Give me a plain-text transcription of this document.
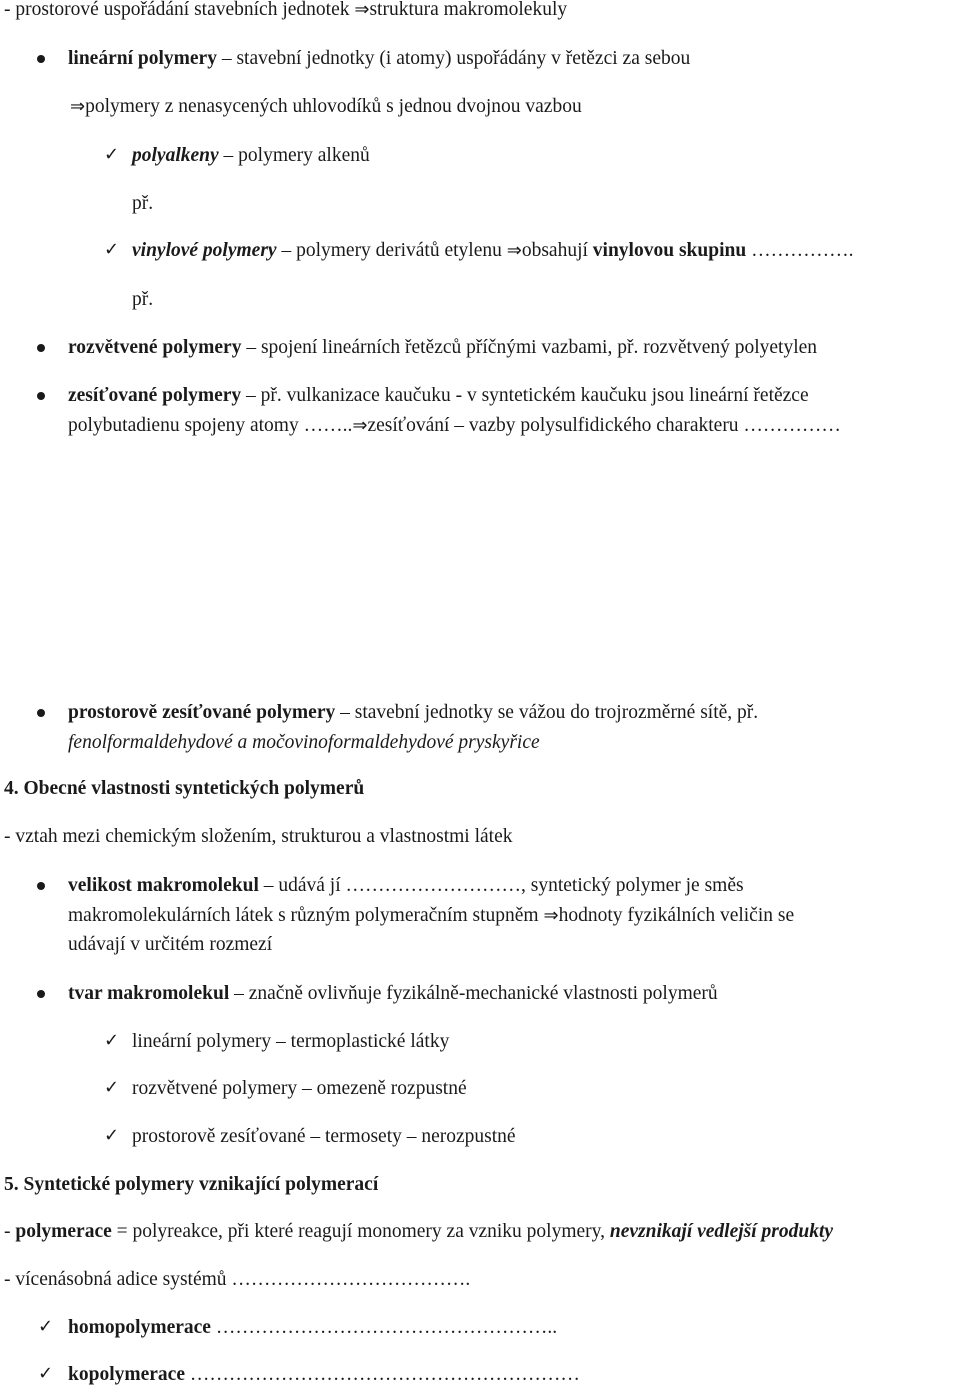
- prostorové uspořádání stavebních jednotek ⇒struktura makromolekuly
lineární polymery – stavební jednotky (i atomy) uspořádány v řetězci za sebou
⇒polymery z nenasycených uhlovodíků s jednou dvojnou vazbou
✓ polyalkeny – polymery alkenů
př.
✓ vinylové polymery – polymery derivátů etylenu ⇒obsahují vinylovou skupinu …………….
př.
rozvětvené polymery – spojení lineárních řetězců příčnými vazbami, př. rozvětvený polyetylen
zesíťované polymery – př. vulkanizace kaučuku - v syntetickém kaučuku jsou lineární řetězce
polybutadienu spojeny atomy ……..⇒zesíťování – vazby polysulfidického charakteru ……………
prostorově zesíťované polymery – stavební jednotky se vážou do trojrozměrné sítě, př.
fenolformaldehydové a močovinoformaldehydové pryskyřice
4. Obecné vlastnosti syntetických polymerů
- vztah mezi chemickým složením, strukturou a vlastnostmi látek
velikost makromolekul – udává jí ………………………, syntetický polymer je směs
makromolekulárních látek s různým polymeračním stupněm ⇒hodnoty fyzikálních veličin se
udávají v určitém rozmezí
tvar makromolekul – značně ovlivňuje fyzikálně-mechanické vlastnosti polymerů
✓ lineární polymery – termoplastické látky
✓ rozvětvené polymery – omezeně rozpustné
✓ prostorově zesíťované – termosety – nerozpustné
5. Syntetické polymery vznikající polymerací
- polymerace = polyreakce, při které reagují monomery za vzniku polymery, nevznikají vedlejší produkty
- vícenásobná adice systémů ……………………………….
✓ homopolymerace ……………………………………………..
✓ kopolymerace ……………………………………………………
